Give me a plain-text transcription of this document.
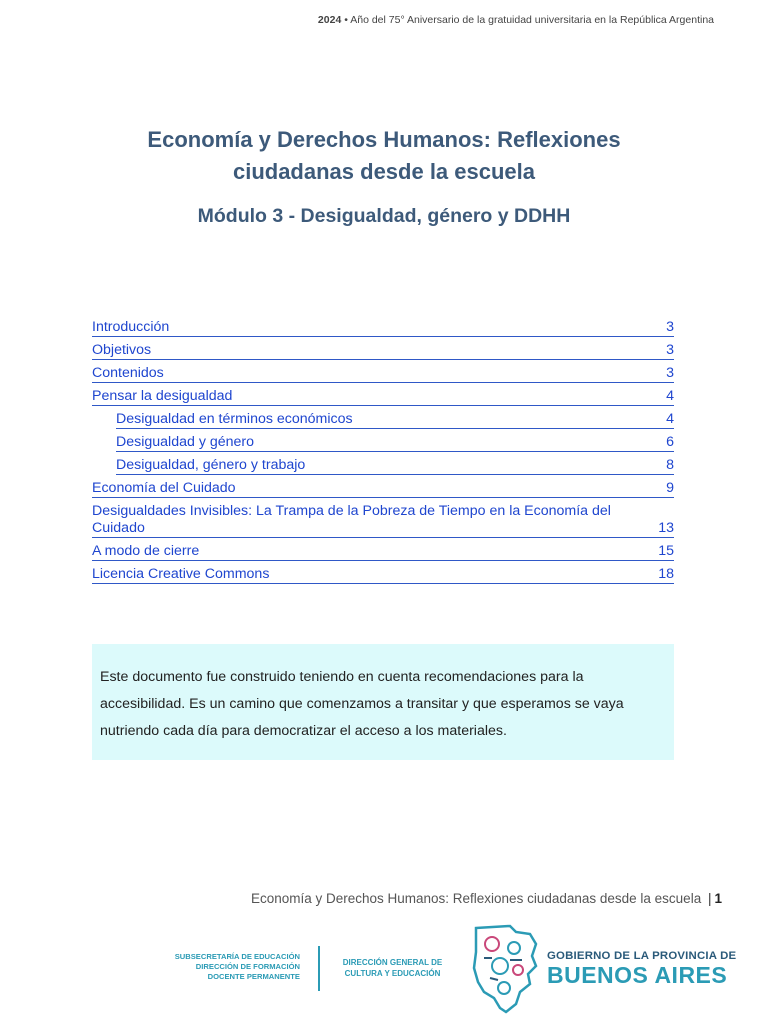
2024 • Año del 75° Aniversario de la gratuidad universitaria en la República Argentina
Economía y Derechos Humanos: Reflexiones
ciudadanas desde la escuela
Módulo 3 - Desigualdad, género y DDHH
Introducción	3
Objetivos	3
Contenidos	3
Pensar la desigualdad	4
Desigualdad en términos económicos	4
Desigualdad y género	6
Desigualdad, género y trabajo	8
Economía del Cuidado	9
Desigualdades Invisibles: La Trampa de la Pobreza de Tiempo en la Economía del Cuidado	13
A modo de cierre	15
Licencia Creative Commons	18
Este documento fue construido teniendo en cuenta recomendaciones para la accesibilidad. Es un camino que comenzamos a transitar y que esperamos se vaya nutriendo cada día para democratizar el acceso a los materiales.
Economía y Derechos Humanos: Reflexiones ciudadanas desde la escuela | 1
SUBSECRETARÍA DE EDUCACIÓN
DIRECCIÓN DE FORMACIÓN
DOCENTE PERMANENTE
DIRECCIÓN GENERAL DE
CULTURA Y EDUCACIÓN
GOBIERNO DE LA PROVINCIA DE
BUENOS AIRES
